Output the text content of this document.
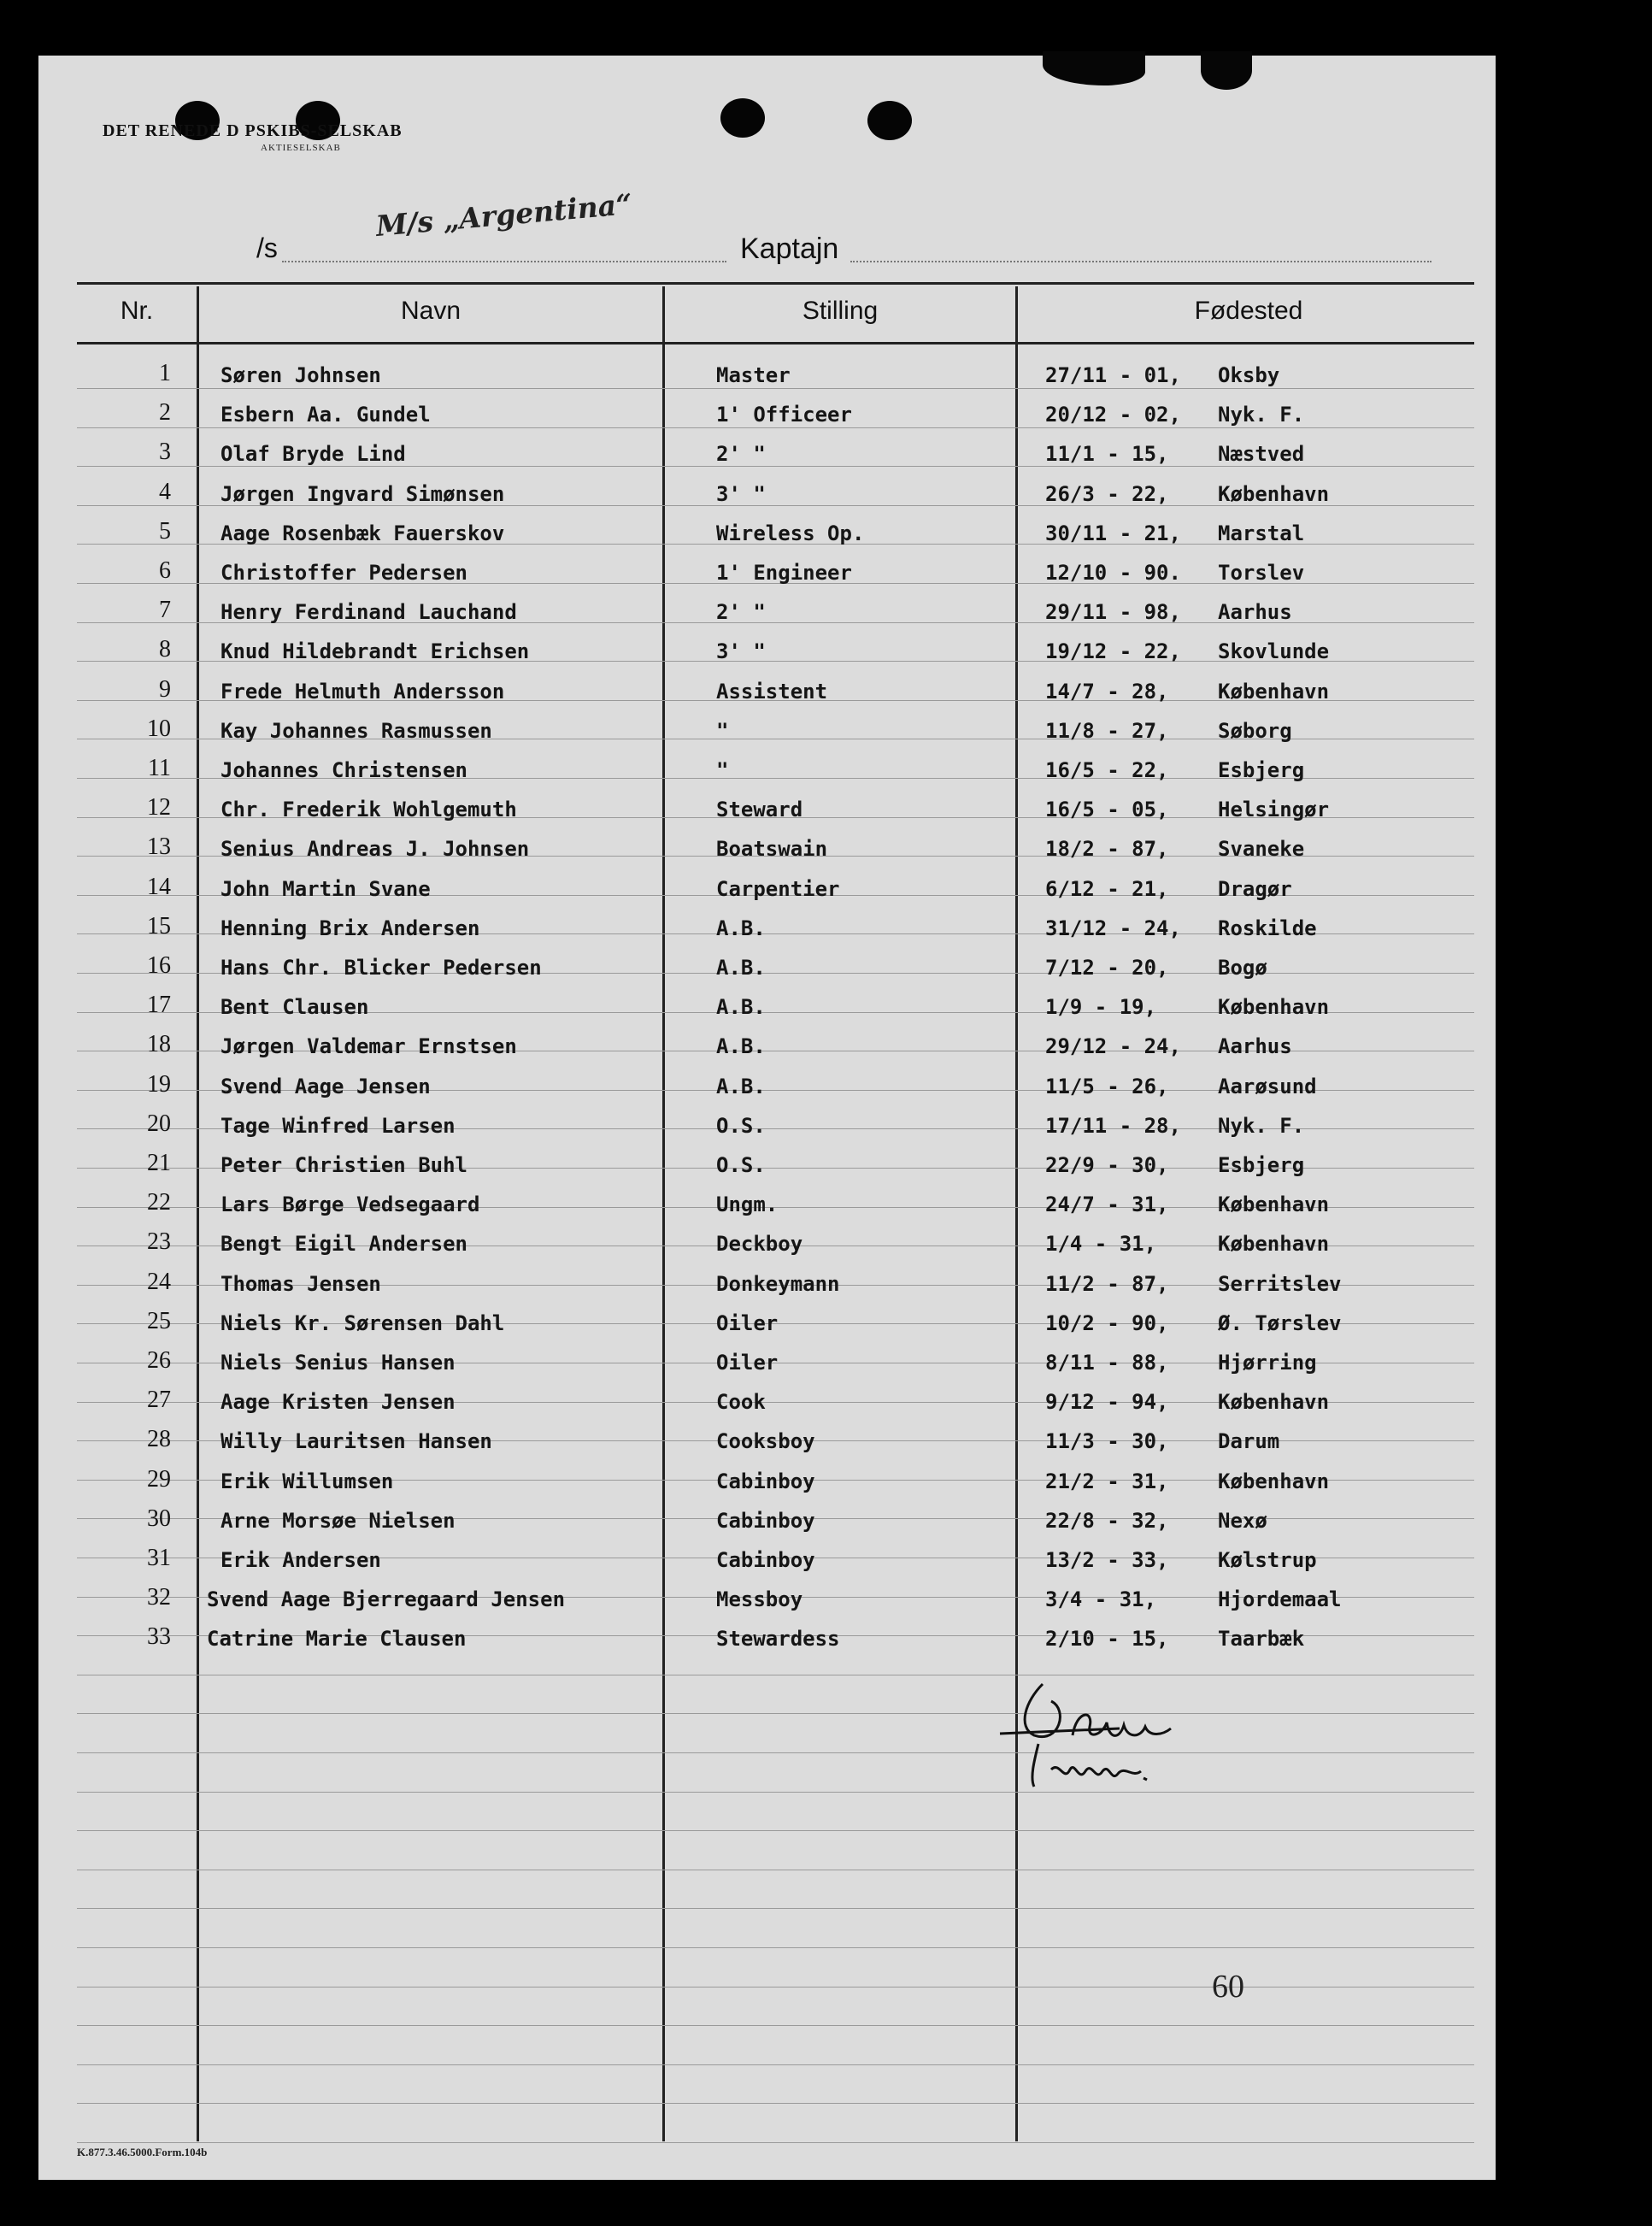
DET RENEDE D PSKIBS-SELSKAB
AKTIESELSKAB
/s
M/s „Argentina“
Kaptajn
Nr.	Navn	Stilling	Fødested
1 Søren Johnsen	Master	27/11 - 01, Oksby
2 Esbern Aa. Gundel	1' Officeer	20/12 - 02, Nyk. F.
3 Olaf Bryde Lind	2' "	11/1 - 15, Næstved
4 Jørgen Ingvard Simønsen	3' "	26/3 - 22, København
5 Aage Rosenbæk Fauerskov	Wireless Op.	30/11 - 21, Marstal
6 Christoffer Pedersen	1' Engineer	12/10 - 90. Torslev
7 Henry Ferdinand Lauchand	2' "	29/11 - 98, Aarhus
8 Knud Hildebrandt Erichsen	3' "	19/12 - 22, Skovlunde
9 Frede Helmuth Andersson	Assistent	14/7 - 28, København
10 Kay Johannes Rasmussen	"	11/8 - 27, Søborg
11 Johannes Christensen	"	16/5 - 22, Esbjerg
12 Chr. Frederik Wohlgemuth	Steward	16/5 - 05, Helsingør
13 Senius Andreas J. Johnsen	Boatswain	18/2 - 87, Svaneke
14 John Martin Svane	Carpentier	6/12 - 21, Dragør
15 Henning Brix Andersen	A.B.	31/12 - 24, Roskilde
16 Hans Chr. Blicker Pedersen	A.B.	7/12 - 20, Bogø
17 Bent Clausen	A.B.	1/9 - 19,	København
18 Jørgen Valdemar Ernstsen	A.B.	29/12 - 24, Aarhus
19 Svend Aage Jensen	A.B.	11/5 - 26, Aarøsund
20 Tage Winfred Larsen	O.S.	17/11 - 28, Nyk. F.
21 Peter Christien Buhl	O.S.	22/9 - 30, Esbjerg
22 Lars Børge Vedsegaard	Ungm.	24/7 - 31, København
23 Bengt Eigil Andersen	Deckboy	1/4 - 31,	København
24 Thomas Jensen	Donkeymann	11/2 - 87, Serritslev
25 Niels Kr. Sørensen Dahl	Oiler	10/2 - 90, Ø. Tørslev
26 Niels Senius Hansen	Oiler	8/11 - 88, Hjørring
27 Aage Kristen Jensen	Cook	9/12 - 94, København
28 Willy Lauritsen Hansen	Cooksboy	11/3 - 30, Darum
29 Erik Willumsen	Cabinboy	21/2 - 31, København
30 Arne Morsøe Nielsen	Cabinboy	22/8 - 32, Nexø
31 Erik Andersen	Cabinboy	13/2 - 33, Kølstrup
32 Svend Aage Bjerregaard Jensen	Messboy	3/4 - 31,	Hjordemaal
33 Catrine Marie Clausen	Stewardess	2/10 - 15, Taarbæk
60
K.877.3.46.5000.Form.104b
